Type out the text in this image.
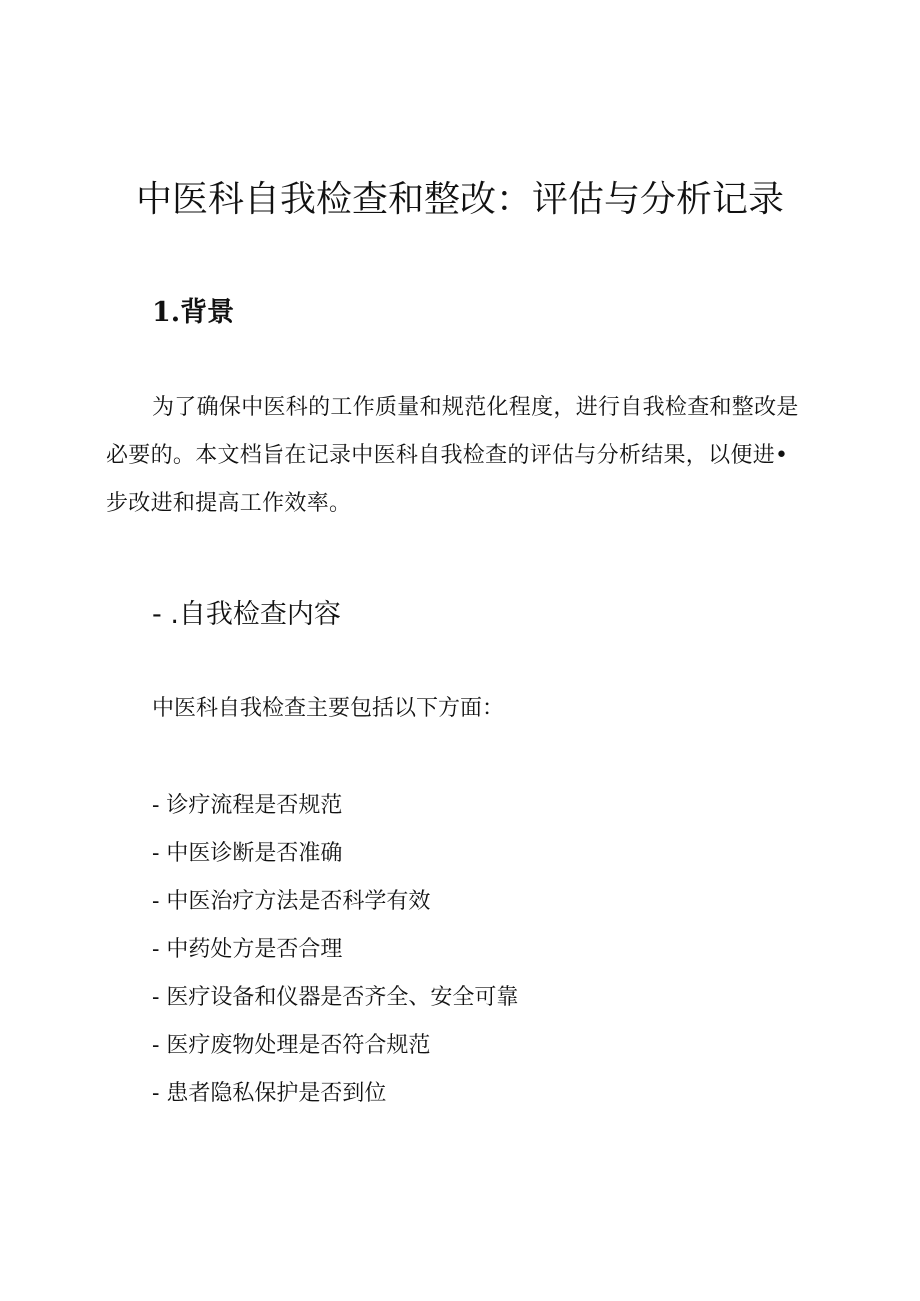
中医科自我检查和整改：评估与分析记录
1.背景

为了确保中医科的工作质量和规范化程度，进行自我检查和整改是必要的。本文档旨在记录中医科自我检查的评估与分析结果，以便进•步改进和提高工作效率。

- .自我检查内容

中医科自我检查主要包括以下方面：

- 诊疗流程是否规范
- 中医诊断是否准确
- 中医治疗方法是否科学有效
- 中药处方是否合理
- 医疗设备和仪器是否齐全、安全可靠
- 医疗废物处理是否符合规范
- 患者隐私保护是否到位
